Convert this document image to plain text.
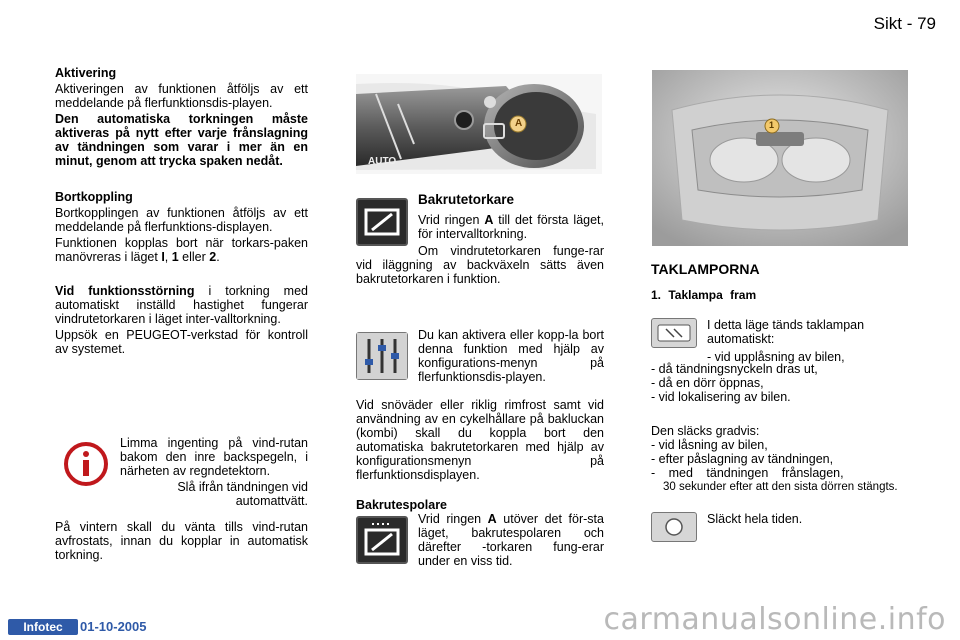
Sikt - 79

Aktivering

Aktiveringen av funktionen åtföljs av ett meddelande på flerfunktionsdis-playen.

Den automatiska torkningen måste aktiveras på nytt efter varje frånslagning av tändningen som varar i mer än en minut, genom att trycka spaken nedåt.

Bortkoppling

Bortkopplingen av funktionen åtföljs av ett meddelande på flerfunktions-displayen.

Funktionen kopplas bort när torkars-paken manövreras i läget I, 1 eller 2.

Vid funktionsstörning i torkning med automatiskt inställd hastighet fungerar vindrutetorkaren i läget inter-valltorkning.

Uppsök en PEUGEOT-verkstad för kontroll av systemet.

Limma ingenting på vind-rutan bakom den inre backspegeln, i närheten av regndetektorn.

Slå ifrån tändningen vid automattvätt.

På vintern skall du vänta tills vind-rutan avfrostats, innan du kopplar in automatisk torkning.

AUTO
A

Bakrutetorkare

Vrid ringen A till det första läget, för intervalltorkning.

Om vindrutetorkaren funge-rar vid iläggning av backväxeln sätts även bakrutetorkaren i funktion.

Du kan aktivera eller kopp-la bort denna funktion med hjälp av konfigurations-menyn på flerfunktionsdis-playen.

Vid snöväder eller riklig rimfrost samt vid användning av en cykelhållare på bakluckan (kombi) skall du koppla bort den automatiska bakrutetorkaren med hjälp av konfigurationsmenyn på flerfunktionsdisplayen.

Bakrutespolare

Vrid ringen A utöver det för-sta läget, bakrutespolaren och därefter -torkaren fung-erar under en viss tid.

1

TAKLAMPORNA

1. Taklampa fram

I detta läge tänds taklampan automatiskt:

- vid upplåsning av bilen,

- då tändningsnyckeln dras ut,

- då en dörr öppnas,

- vid lokalisering av bilen.

Den släcks gradvis:

- vid låsning av bilen,

- efter påslagning av tändningen,

- med tändningen frånslagen,

30 sekunder efter att den sista dörren stängts.

Släckt hela tiden.

Infotec	01-10-2005	carmanualsonline.info
